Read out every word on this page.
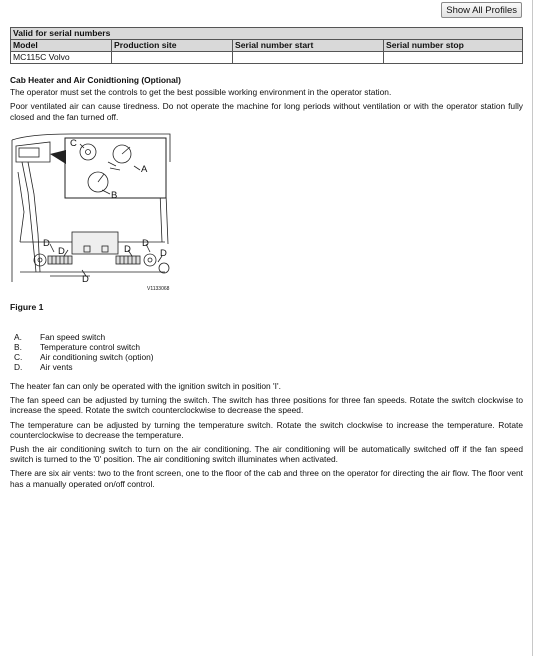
Show All Profiles
Valid for serial numbers			
Model	Production site	Serial number start	Serial number stop
MC115C Volvo			
Cab Heater and Air Conidtioning (Optional)

The operator must set the controls to get the best possible working environment in the operator station.

Poor ventilated air can cause tiredness. Do not operate the machine for long periods without ventilation or with the operator station fully closed and the fan turned off.

C
A
B
D
D	D
D
D
D
V1133068
Figure 1
A.	Fan speed switch
B.	Temperature control switch
C.	Air conditioning switch (option)
D.	Air vents

The heater fan can only be operated with the ignition switch in position 'I'.

The fan speed can be adjusted by turning the switch. The switch has three positions for three fan speeds. Rotate the switch clockwise to increase the speed. Rotate the switch counterclockwise to decrease the speed.

The temperature can be adjusted by turning the temperature switch. Rotate the switch clockwise to increase the temperature. Rotate counterclockwise to decrease the temperature.

Push the air conditioning switch to turn on the air conditioning. The air conditioning will be automatically switched off if the fan speed switch is turned to the '0' position. The air conditioning switch illuminates when activated.

There are six air vents: two to the front screen, one to the floor of the cab and three on the operator for directing the air flow. The floor vent has a manually operated on/off control.
